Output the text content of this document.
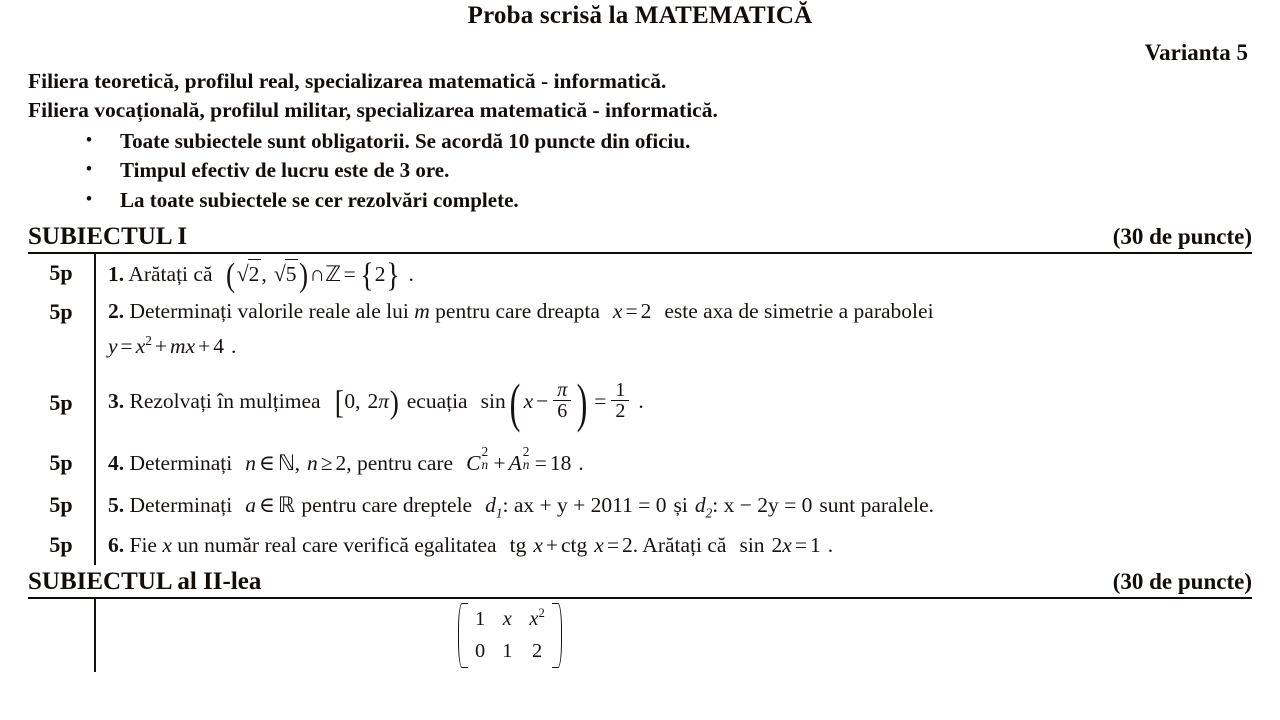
Proba scrisă la MATEMATICĂ
Varianta 5
Filiera teoretică, profilul real, specializarea matematică - informatică.
Filiera vocațională, profilul militar, specializarea matematică - informatică.
• Toate subiectele sunt obligatorii. Se acordă 10 puncte din oficiu.
• Timpul efectiv de lucru este de 3 ore.
• La toate subiectele se cer rezolvări complete.
SUBIECTUL I	(30 de puncte)
5p	1. Arătați că ( √ 2, √ 5)∩ℤ = {2} .
5p	2. Determinați valorile reale ale lui m pentru care dreapta x = 2 este axa de simetrie a parabolei
$y = x^2$ + mx + 4 .
5p	3. Rezolvați în mulțimea [0, 2π) ecuația sin( $x - \frac{\pi}{6}$ ) = $\frac{1}{2}$ .
5p	4. Determinați n ∈ ℕ, n ≥ 2, pentru care C 2
n + A 2
n = 18 .
5p	5. Determinați a ∈ ℝ pentru care dreptele $d_1$: ax + y + 2011 = 0 și $d_2$: x − 2y = 0 sunt paralele.
5p	6. Fie x un număr real care verifică egalitatea tg x + ctg x = 2. Arătați că sin 2x = 1 .
SUBIECTUL al II-lea	(30 de puncte)
1 x $x^2$
0 1 2
